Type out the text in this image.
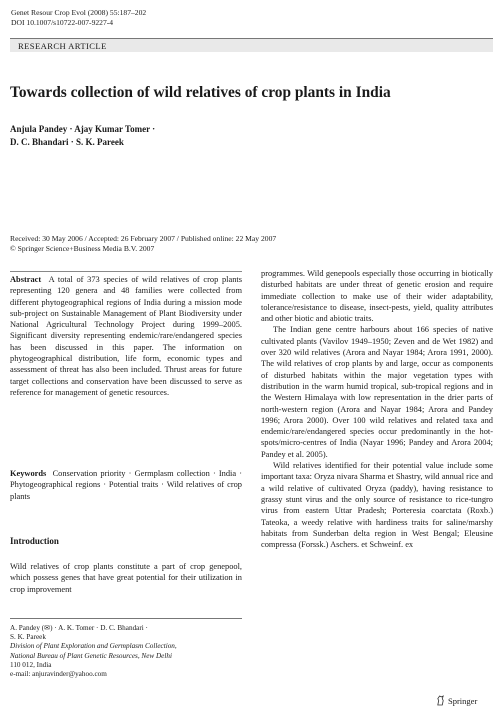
Genet Resour Crop Evol (2008) 55:187–202
DOI 10.1007/s10722-007-9227-4
RESEARCH ARTICLE
Towards collection of wild relatives of crop plants in India
Anjula Pandey · Ajay Kumar Tomer ·
D. C. Bhandari · S. K. Pareek
Received: 30 May 2006 / Accepted: 26 February 2007 / Published online: 22 May 2007
© Springer Science+Business Media B.V. 2007

Abstract A total of 373 species of wild relatives of crop plants representing 120 genera and 48 families were collected from different phytogeographical regions of India during a mission mode sub-project on Sustainable Management of Plant Biodiversity under National Agricultural Technology Project during 1999–2005. Significant diversity representing endemic/rare/endangered species has been discussed in this paper. The information on phytogeographical distribution, life form, economic types and assessment of threat has also been included. Thrust areas for future target collections and conservation have been discussed to serve as reference for management of genetic resources.

Keywords Conservation priority · Germplasm collection · India · Phytogeographical regions · Potential traits · Wild relatives of crop plants

Introduction

Wild relatives of crop plants constitute a part of crop genepool, which possess genes that have great potential for their utilization in crop improvement

A. Pandey (✉) · A. K. Tomer · D. C. Bhandari ·
S. K. Pareek
Division of Plant Exploration and Germplasm Collection,
National Bureau of Plant Genetic Resources, New Delhi
110 012, India
e-mail: anjuravinder@yahoo.com

programmes. Wild genepools especially those occurring in biotically disturbed habitats are under threat of genetic erosion and require immediate collection to make use of their wider adaptability, tolerance/resistance to disease, insect-pests, yield, quality attributes and other biotic and abiotic traits.

The Indian gene centre harbours about 166 species of native cultivated plants (Vavilov 1949–1950; Zeven and de Wet 1982) and over 320 wild relatives (Arora and Nayar 1984; Arora 1991, 2000). The wild relatives of crop plants by and large, occur as components of disturbed habitats within the major vegetation types with distribution in the warm humid tropical, sub-tropical regions and in the Western Himalaya with low representation in the drier parts of north-western region (Arora and Nayar 1984; Arora and Pandey 1996; Arora 2000). Over 100 wild relatives and related taxa and endemic/rare/endangered species occur predominantly in the hot-spots/micro-centres of India (Nayar 1996; Pandey and Arora 2004; Pandey et al. 2005).

Wild relatives identified for their potential value include some important taxa: Oryza nivara Sharma et Shastry, wild annual rice and a wild relative of cultivated Oryza (paddy), having resistance to grassy stunt virus and the only source of resistance to rice-tungro virus from eastern Uttar Pradesh; Porteresia coarctata (Roxb.) Tateoka, a weedy relative with hardiness traits for saline/marshy habitats from Sunderban delta region in West Bengal; Eleusine compressa (Forssk.) Aschers. et Schweinf. ex

Springer
